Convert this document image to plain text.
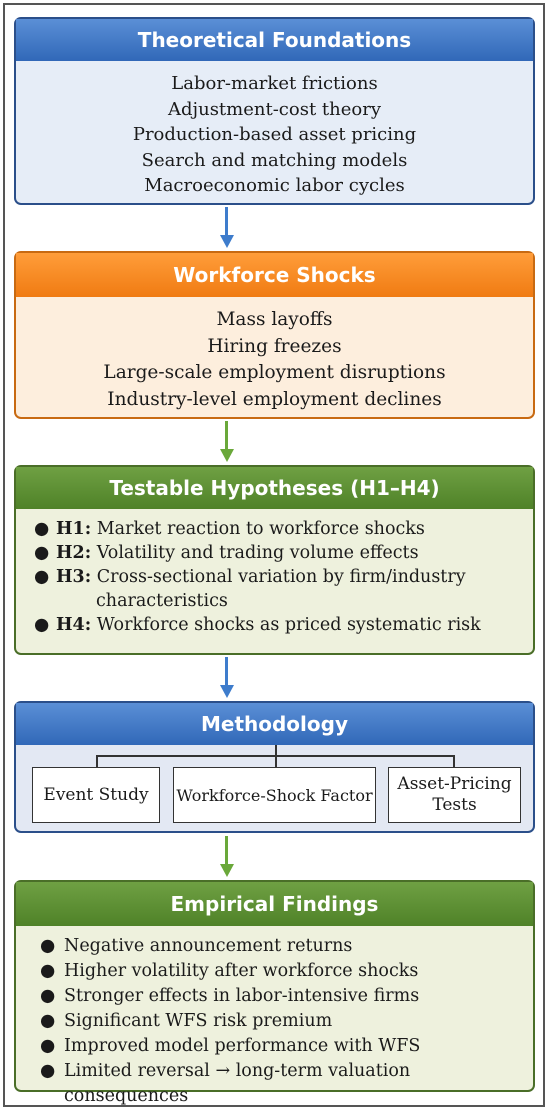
Theoretical Foundations
Labor-market frictions
Adjustment-cost theory
Production-based asset pricing
Search and matching models
Macroeconomic labor cycles
Workforce Shocks
Mass layoffs
Hiring freezes
Large-scale employment disruptions
Industry-level employment declines
Testable Hypotheses (H1–H4)
● H1: Market reaction to workforce shocks
● H2: Volatility and trading volume effects
● H3: Cross-sectional variation by firm/industry
characteristics
● H4: Workforce shocks as priced systematic risk
Methodology
Event Study	Workforce-Shock Factor
Asset-Pricing Tests
Empirical Findings
● Negative announcement returns
● Higher volatility after workforce shocks
● Stronger effects in labor-intensive firms
● Significant WFS risk premium
● Improved model performance with WFS
● Limited reversal → long-term valuation consequences
